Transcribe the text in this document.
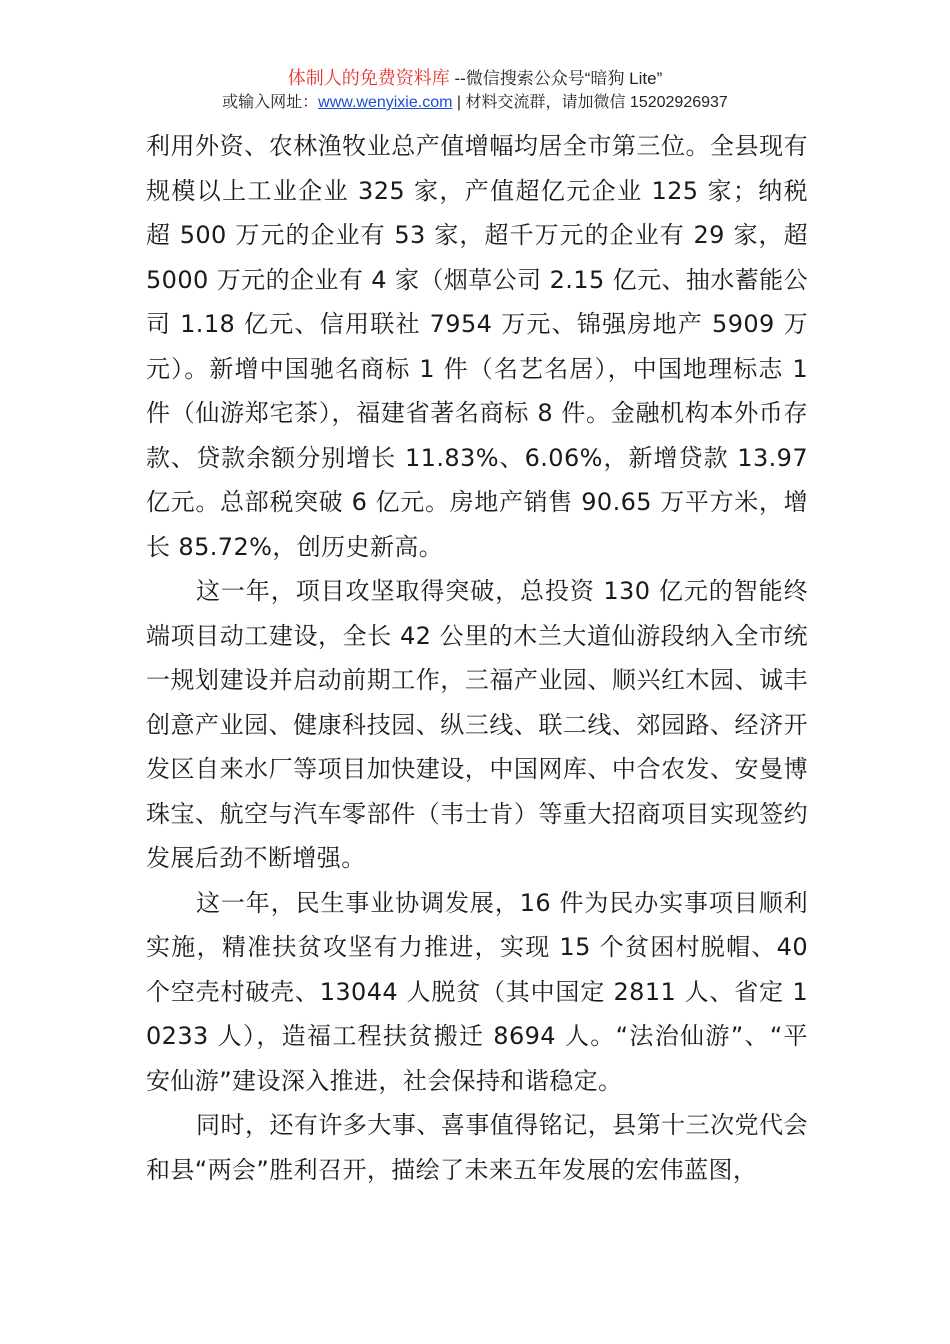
体制人的免费资料库 --微信搜索公众号“暗狗 Lite”
或输入网址：www.wenyixie.com | 材料交流群，请加微信 15202926937

利用外资、农林渔牧业总产值增幅均居全市第三位。全县现有规模以上工业企业 325 家，产值超亿元企业 125 家；纳税超 500 万元的企业有 53 家，超千万元的企业有 29 家，超 5000 万元的企业有 4 家（烟草公司 2.15 亿元、抽水蓄能公司 1.18 亿元、信用联社 7954 万元、锦强房地产 5909 万元）。新增中国驰名商标 1 件（名艺名居），中国地理标志 1 件（仙游郑宅茶），福建省著名商标 8 件。金融机构本外币存款、贷款余额分别增长 11.83%、6.06%，新增贷款 13.97 亿元。总部税突破 6 亿元。房地产销售 90.65 万平方米，增长 85.72%，创历史新高。

这一年，项目攻坚取得突破，总投资 130 亿元的智能终端项目动工建设，全长 42 公里的木兰大道仙游段纳入全市统一规划建设并启动前期工作，三福产业园、顺兴红木园、诚丰创意产业园、健康科技园、纵三线、联二线、郊园路、经济开发区自来水厂等项目加快建设，中国网库、中合农发、安曼博珠宝、航空与汽车零部件（韦士肯）等重大招商项目实现签约发展后劲不断增强。

这一年，民生事业协调发展，16 件为民办实事项目顺利实施，精准扶贫攻坚有力推进，实现 15 个贫困村脱帽、40 个空壳村破壳、13044 人脱贫（其中国定 2811 人、省定 10233 人），造福工程扶贫搬迁 8694 人。“法治仙游”、“平安仙游”建设深入推进，社会保持和谐稳定。

同时，还有许多大事、喜事值得铭记，县第十三次党代会和县“两会”胜利召开，描绘了未来五年发展的宏伟蓝图，
